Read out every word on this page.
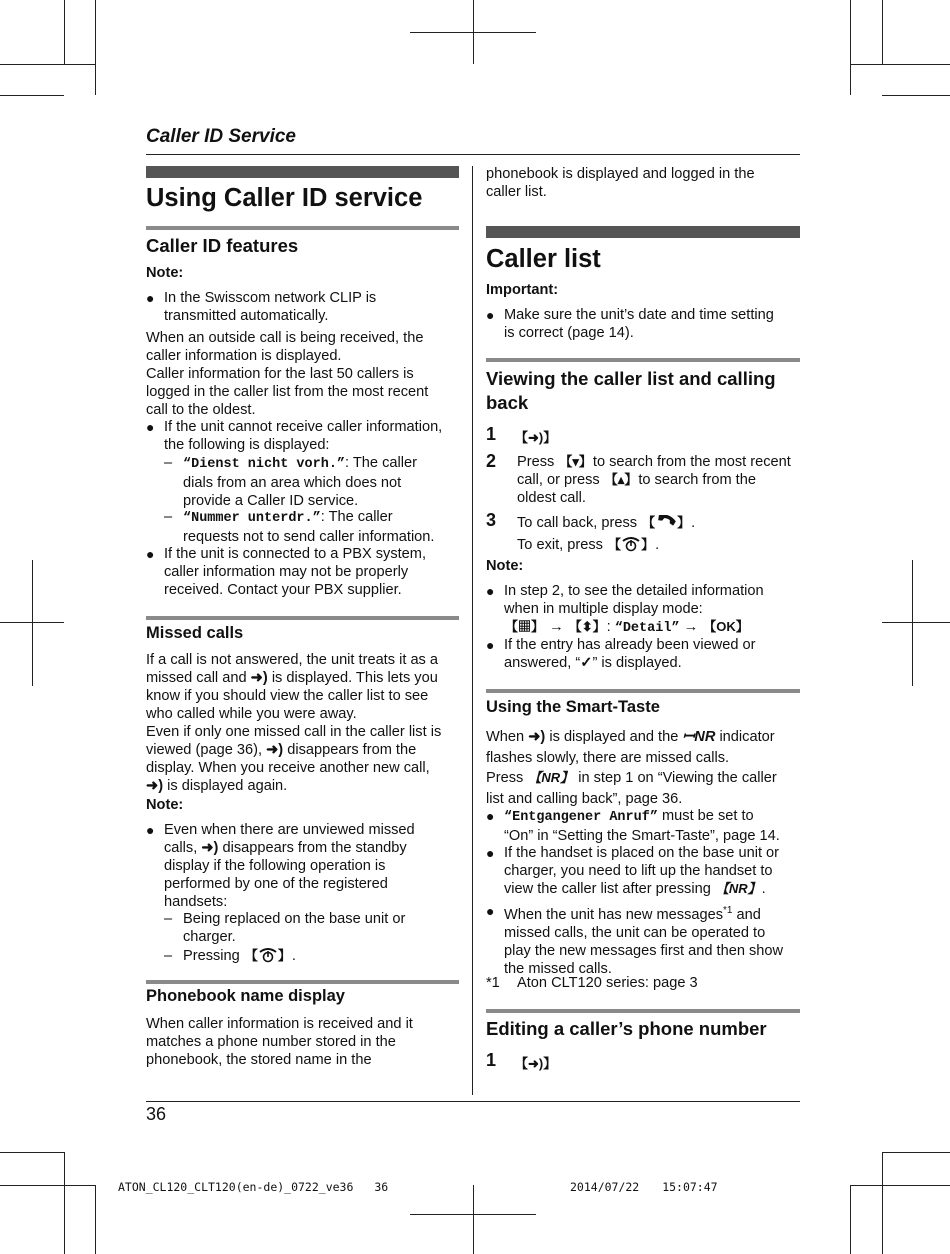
Caller ID Service
Using Caller ID service
Caller ID features
Note:
● In the Swisscom network CLIP is
transmitted automatically.
When an outside call is being received, the
caller information is displayed.
Caller information for the last 50 callers is
logged in the caller list from the most recent
call to the oldest.
● If the unit cannot receive caller information,
the following is displayed:
– “Dienst nicht vorh.”: The caller
dials from an area which does not
provide a Caller ID service.
– “Nummer unterdr.”: The caller
requests not to send caller information.
● If the unit is connected to a PBX system,
caller information may not be properly
received. Contact your PBX supplier.
Missed calls
If a call is not answered, the unit treats it as a
missed call and ➜) is displayed. This lets you
know if you should view the caller list to see
who called while you were away.
Even if only one missed call in the caller list is
viewed (page 36), ➜) disappears from the
display. When you receive another new call,
➜) is displayed again.
Note:
● Even when there are unviewed missed
calls, ➜) disappears from the standby
display if the following operation is
performed by one of the registered
handsets:
– Being replaced on the base unit or
charger.
– Pressing 【 】.
Phonebook name display
When caller information is received and it
matches a phone number stored in the
phonebook, the stored name in the
phonebook is displayed and logged in the
caller list.
Caller list
Important:
● Make sure the unit’s date and time setting
is correct (page 14).
Viewing the caller list and calling
back
1 【➜)】
2 Press 【▾】to search from the most recent
call, or press 【▴】to search from the
oldest call.
3 To call back, press 【 】.
To exit, press 【 】.
Note:
● In step 2, to see the detailed information
when in multiple display mode:
【▦】 → 【⬍】: “Detail” → 【OK】
● If the entry has already been viewed or
answered, “✓” is displayed.
Using the Smart-Taste
When ➜) is displayed and the ꟷNR indicator
flashes slowly, there are missed calls.
Press 【NR】 in step 1 on “Viewing the caller
list and calling back”, page 36.
● “Entgangener Anruf” must be set to
“On” in “Setting the Smart-Taste”, page 14.
● If the handset is placed on the base unit or
charger, you need to lift up the handset to
view the caller list after pressing 【NR】.
● When the unit has new messages$^{*1}$ and
missed calls, the unit can be operated to
play the new messages first and then show
the missed calls.
*1 Aton CLT120 series: page 3
Editing a caller’s phone number
1 【➜)】
36
ATON_CL120_CLT120(en-de)_0722_ve36 36	2014/07/22 15:07:47
